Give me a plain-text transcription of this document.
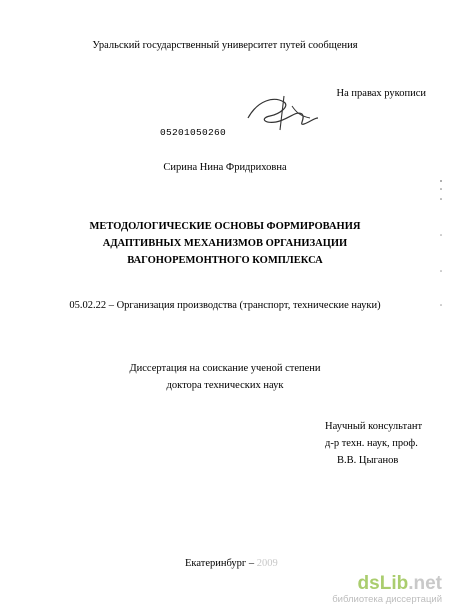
Уральский государственный университет путей сообщения
На правах рукописи
05201050260
Сирина Нина Фридриховна
МЕТОДОЛОГИЧЕСКИЕ ОСНОВЫ ФОРМИРОВАНИЯ
АДАПТИВНЫХ МЕХАНИЗМОВ ОРГАНИЗАЦИИ
ВАГОНОРЕМОНТНОГО КОМПЛЕКСА
05.02.22 – Организация производства (транспорт, технические науки)
Диссертация на соискание ученой степени
доктора технических наук
Научный консультант
д-р техн. наук, проф.
В.В. Цыганов
Екатеринбург – 2009
dsLib.net
библиотека диссертаций
